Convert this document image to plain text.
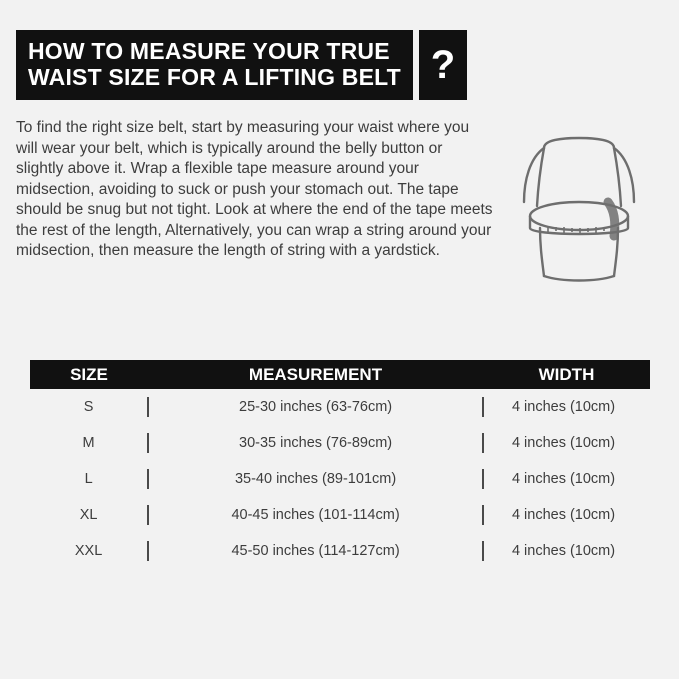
HOW TO MEASURE YOUR TRUE
WAIST SIZE FOR A LIFTING BELT ?
To find the right size belt, start by measuring your waist where you will wear your belt, which is typically around the belly button or slightly above it. Wrap a flexible tape measure around your midsection, avoiding to suck or push your stomach out. The tape should be snug but not tight. Look at where the end of the tape meets the rest of the length, Alternatively, you can wrap a string around your midsection, then measure the length of string with a yardstick.
SIZE	MEASUREMENT	WIDTH
S	25-30 inches (63-76cm)	4 inches (10cm)
M	30-35 inches (76-89cm)	4 inches (10cm)
L	35-40 inches (89-101cm)	4 inches (10cm)
XL	40-45 inches (101-114cm)	4 inches (10cm)
XXL	45-50 inches (114-127cm)	4 inches (10cm)
